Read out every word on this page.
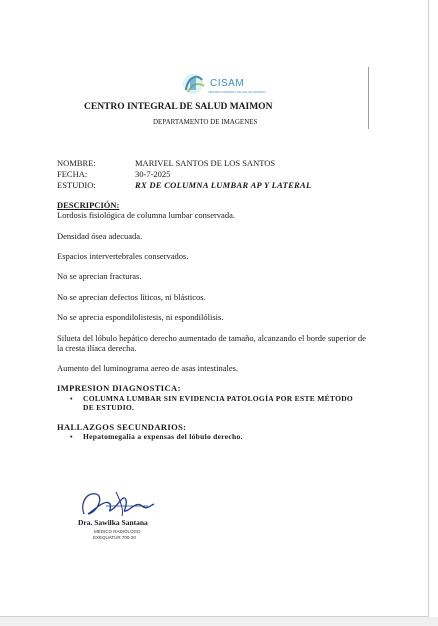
CISAM
CENTRO INTEGRAL DE SALUD MAIMON
CENTRO INTEGRAL DE SALUD MAIMON
DEPARTAMENTO DE IMAGENES
NOMBRE:	MARIVEL SANTOS DE LOS SANTOS
FECHA:	30-7-2025
ESTUDIO:	RX DE COLUMNA LUMBAR AP Y LATERAL
DESCRIPCIÓN:
Lordosis fisiológica de columna lumbar conservada.
Densidad ósea adecuada.
Espacios intervertebrales conservados.
No se aprecian fracturas.
No se aprecian defectos líticos, ni blásticos.
No se aprecia espondilolistesis, ni espondilólisis.
Silueta del lóbulo hepático derecho aumentado de tamaño, alcanzando el borde superior de la cresta ilíaca derecha.
Aumento del luminograma aereo de asas intestinales.
IMPRESION DIAGNOSTICA:
• COLUMNA LUMBAR SIN EVIDENCIA PATOLOGÍA POR ESTE MÉTODO DE ESTUDIO.
HALLAZGOS SECUNDARIOS:
• Hepatomegalia a expensas del lóbulo derecho.
Dra. Sawilka Santana
MÉDICO RADIÓLOGO
EXEQUATUR 700-20
